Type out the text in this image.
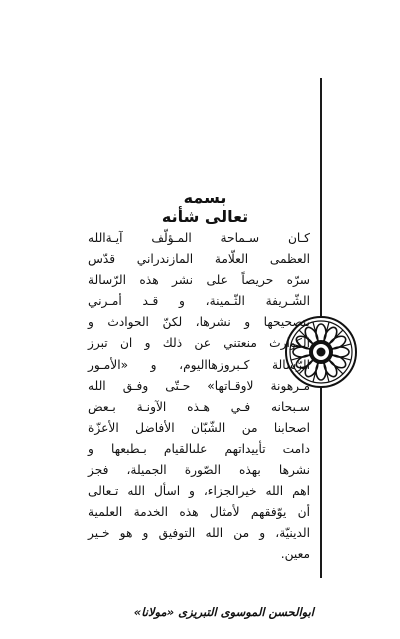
بسمه تعالی شأنه
كـان سـماحة المـؤلّف آيـةالله
العظمى العلّامة المازندراني قدّس
سرّه حريصاً على نشر هذه الرّسالة
الشّـريفة الثّـمينة، و قـد أمـرني
بتصحيحها و نشرها، لكنّ الحوادث و
الكوارث منعتني عن ذلك و ان تبرز
الرّسالة كـبروزهااليوم، و «الأمـور
مـرهونة لاوقـاتها» حـتّى وفـق الله
سـبحانه فـي هـذه الآونـة بـعض
اصحابنا من الشّبّان الأفاضل الأعزّة
دامت تأييداتهم علىالقيام بـطبعها و
نشرها بهذه الصّورة الجميلة، فجز
اهم الله خيرالجزاء، و اسأل الله تـعالى
أن يوّفقهم لأمثال هذه الخدمة العلمية
الدينيّة، و من الله التوفيق و هو خـير
معين.
ابوالحسن الموسوی التبریزی «مولانا»
